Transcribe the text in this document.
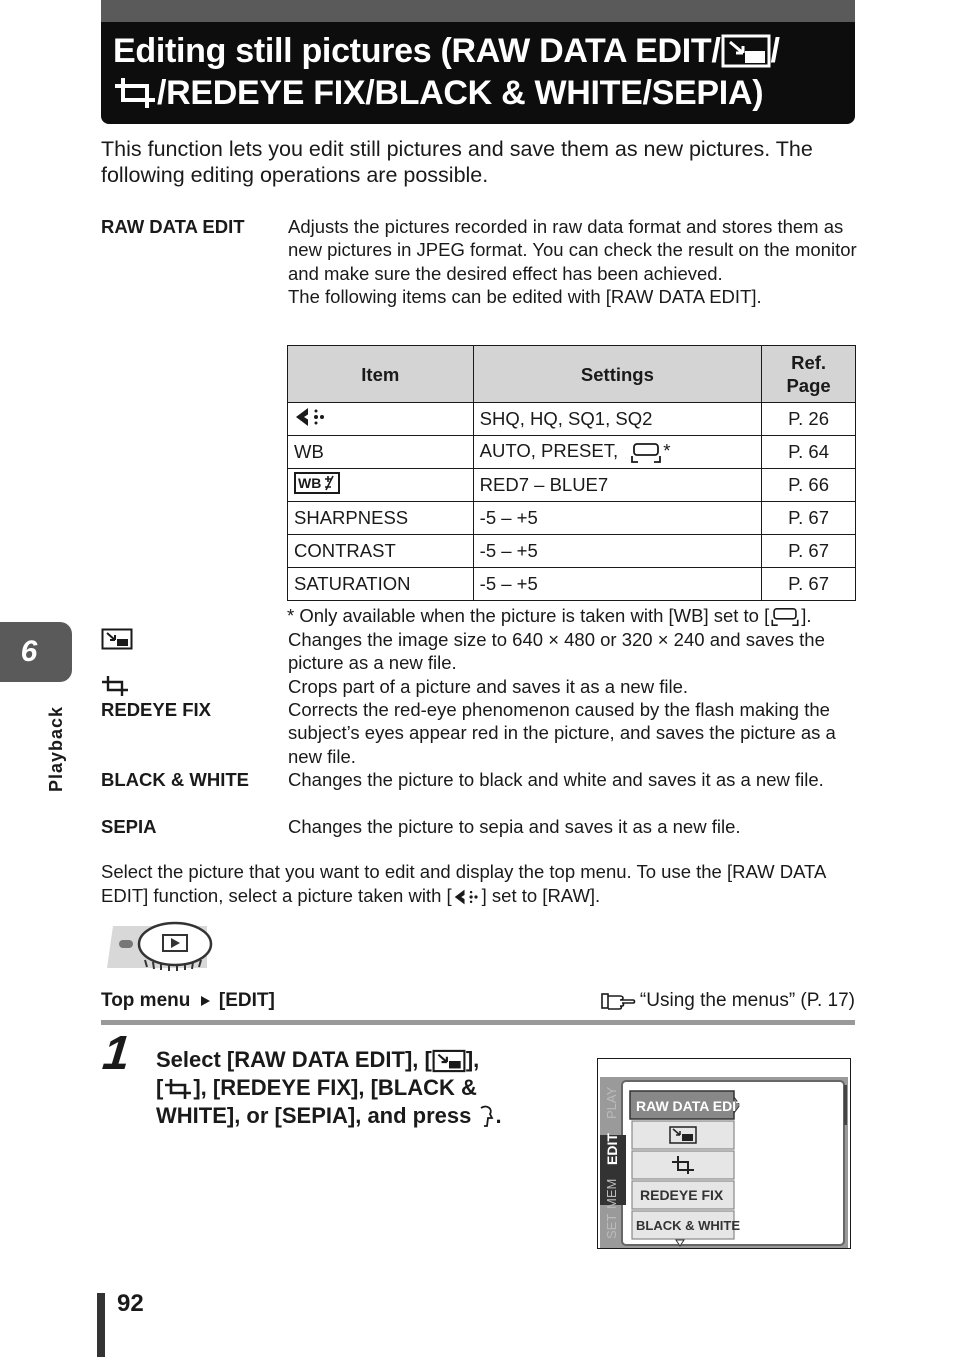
Editing still pictures (RAW DATA EDIT/ /
/REDEYE FIX/BLACK & WHITE/SEPIA)

This function lets you edit still pictures and save them as new pictures. The following editing operations are possible.

RAW DATA EDIT Adjusts the pictures recorded in raw data format and stores them as new pictures in JPEG format. You can check the result on the monitor and make sure the desired effect has been achieved.

The following items can be edited with [RAW DATA EDIT].

Item	Settings	Ref. Page
	SHQ, HQ, SQ1, SQ2	P. 26
WB	AUTO, PRESET, *	P. 64

WB	RED7 – BLUE7	P. 66
SHARPNESS	-5 – +5	P. 67
CONTRAST	-5 – +5	P. 67
SATURATION	-5 – +5	P. 67
* Only available when the picture is taken with [WB] set to [ ].
Changes the image size to 640 × 480 or 320 × 240 and saves the picture as a new file.
Crops part of a picture and saves it as a new file.
REDEYE FIX	Corrects the red-eye phenomenon caused by the flash making the subject’s eyes appear red in the picture, and saves the picture as a new file.
BLACK & WHITE Changes the picture to black and white and saves it as a new file.
SEPIA	Changes the picture to sepia and saves it as a new file.

Select the picture that you want to edit and display the top menu. To use the [RAW DATA EDIT] function, select a picture taken with [ ] set to [RAW].

Top menu [EDIT]	“Using the menus” (P. 17)
1 Select [RAW DATA EDIT], [ ],
[ ], [REDEYE FIX], [BLACK &
WHITE], or [SEPIA], and press .	PLAY
EDIT
MEM
SET
RAW DATA EDIT
REDEYE FIX
BLACK & WHITE
6
Playback
92
